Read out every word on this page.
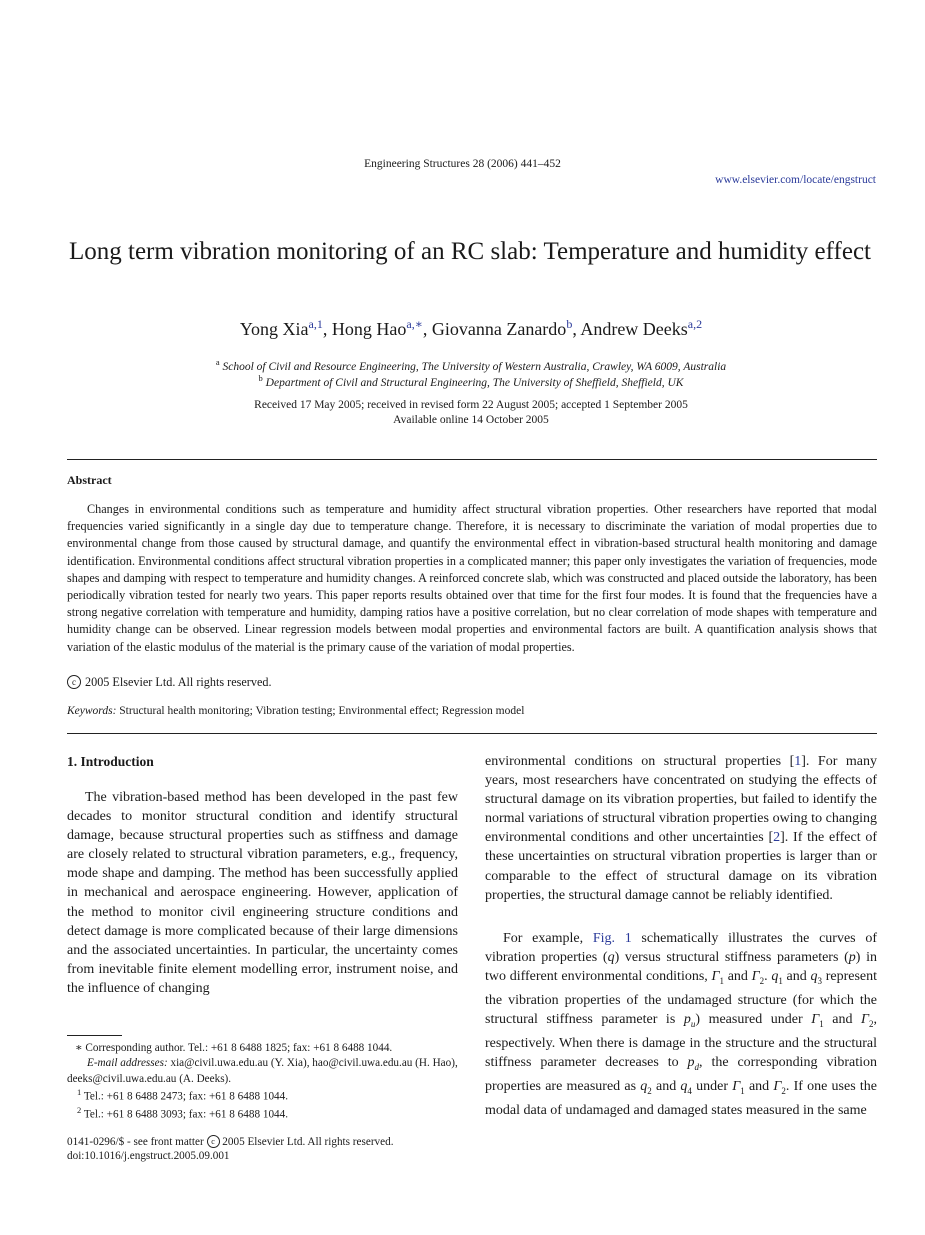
Engineering Structures 28 (2006) 441–452
www.elsevier.com/locate/engstruct
Long term vibration monitoring of an RC slab: Temperature and humidity effect
Yong Xia$^{a,1}$, Hong Hao$^{a,∗}$, Giovanna Zanardo$^b$, Andrew Deeks$^{a,2}$
$^a$ School of Civil and Resource Engineering, The University of Western Australia, Crawley, WA 6009, Australia
$^b$ Department of Civil and Structural Engineering, The University of Sheffield, Sheffield, UK
Received 17 May 2005; received in revised form 22 August 2005; accepted 1 September 2005
Available online 14 October 2005
Abstract
Changes in environmental conditions such as temperature and humidity affect structural vibration properties. Other researchers have reported that modal frequencies varied significantly in a single day due to temperature change. Therefore, it is necessary to discriminate the variation of modal properties due to environmental change from those caused by structural damage, and quantify the environmental effect in vibration-based structural health monitoring and damage identification. Environmental conditions affect structural vibration properties in a complicated manner; this paper only investigates the variation of frequencies, mode shapes and damping with respect to temperature and humidity changes. A reinforced concrete slab, which was constructed and placed outside the laboratory, has been periodically vibration tested for nearly two years. This paper reports results obtained over that time for the first four modes. It is found that the frequencies have a strong negative correlation with temperature and humidity, damping ratios have a positive correlation, but no clear correlation of mode shapes with temperature and humidity change can be observed. Linear regression models between modal properties and environmental factors are built. A quantification analysis shows that variation of the elastic modulus of the material is the primary cause of the variation of modal properties.
c 2005 Elsevier Ltd. All rights reserved.
Keywords: Structural health monitoring; Vibration testing; Environmental effect; Regression model
1. Introduction
The vibration-based method has been developed in the past few decades to monitor structural condition and identify structural damage, because structural properties such as stiffness and damage are closely related to structural vibration parameters, e.g., frequency, mode shape and damping. The method has been successfully applied in mechanical and aerospace engineering. However, application of the method to monitor civil engineering structure conditions and detect damage is more complicated because of their large dimensions and the associated uncertainties. In particular, the uncertainty comes from inevitable finite element modelling error, instrument noise, and the influence of changing
environmental conditions on structural properties [1]. For many years, most researchers have concentrated on studying the effects of structural damage on its vibration properties, but failed to identify the normal variations of structural vibration properties owing to changing environmental conditions and other uncertainties [2]. If the effect of these uncertainties on structural vibration properties is larger than or comparable to the effect of structural damage on its vibration properties, the structural damage cannot be reliably identified.
For example, Fig. 1 schematically illustrates the curves of vibration properties (q) versus structural stiffness parameters (p) in two different environmental conditions, $\Gamma_1$ and $\Gamma_2$. $q_1$ and $q_3$ represent the vibration properties of the undamaged structure (for which the structural stiffness parameter is $p_u$) measured under $\Gamma_1$ and $\Gamma_2$, respectively. When there is damage in the structure and the structural stiffness parameter decreases to $p_d$, the corresponding vibration properties are measured as $q_2$ and $q_4$ under $\Gamma_1$ and $\Gamma_2$. If one uses the modal data of undamaged and damaged states measured in the same
∗ Corresponding author. Tel.: +61 8 6488 1825; fax: +61 8 6488 1044.
E-mail addresses: xia@civil.uwa.edu.au (Y. Xia), hao@civil.uwa.edu.au (H. Hao), deeks@civil.uwa.edu.au (A. Deeks).
$^1$ Tel.: +61 8 6488 2473; fax: +61 8 6488 1044.
$^2$ Tel.: +61 8 6488 3093; fax: +61 8 6488 1044.
0141-0296/$ - see front matter c 2005 Elsevier Ltd. All rights reserved.
doi:10.1016/j.engstruct.2005.09.001
